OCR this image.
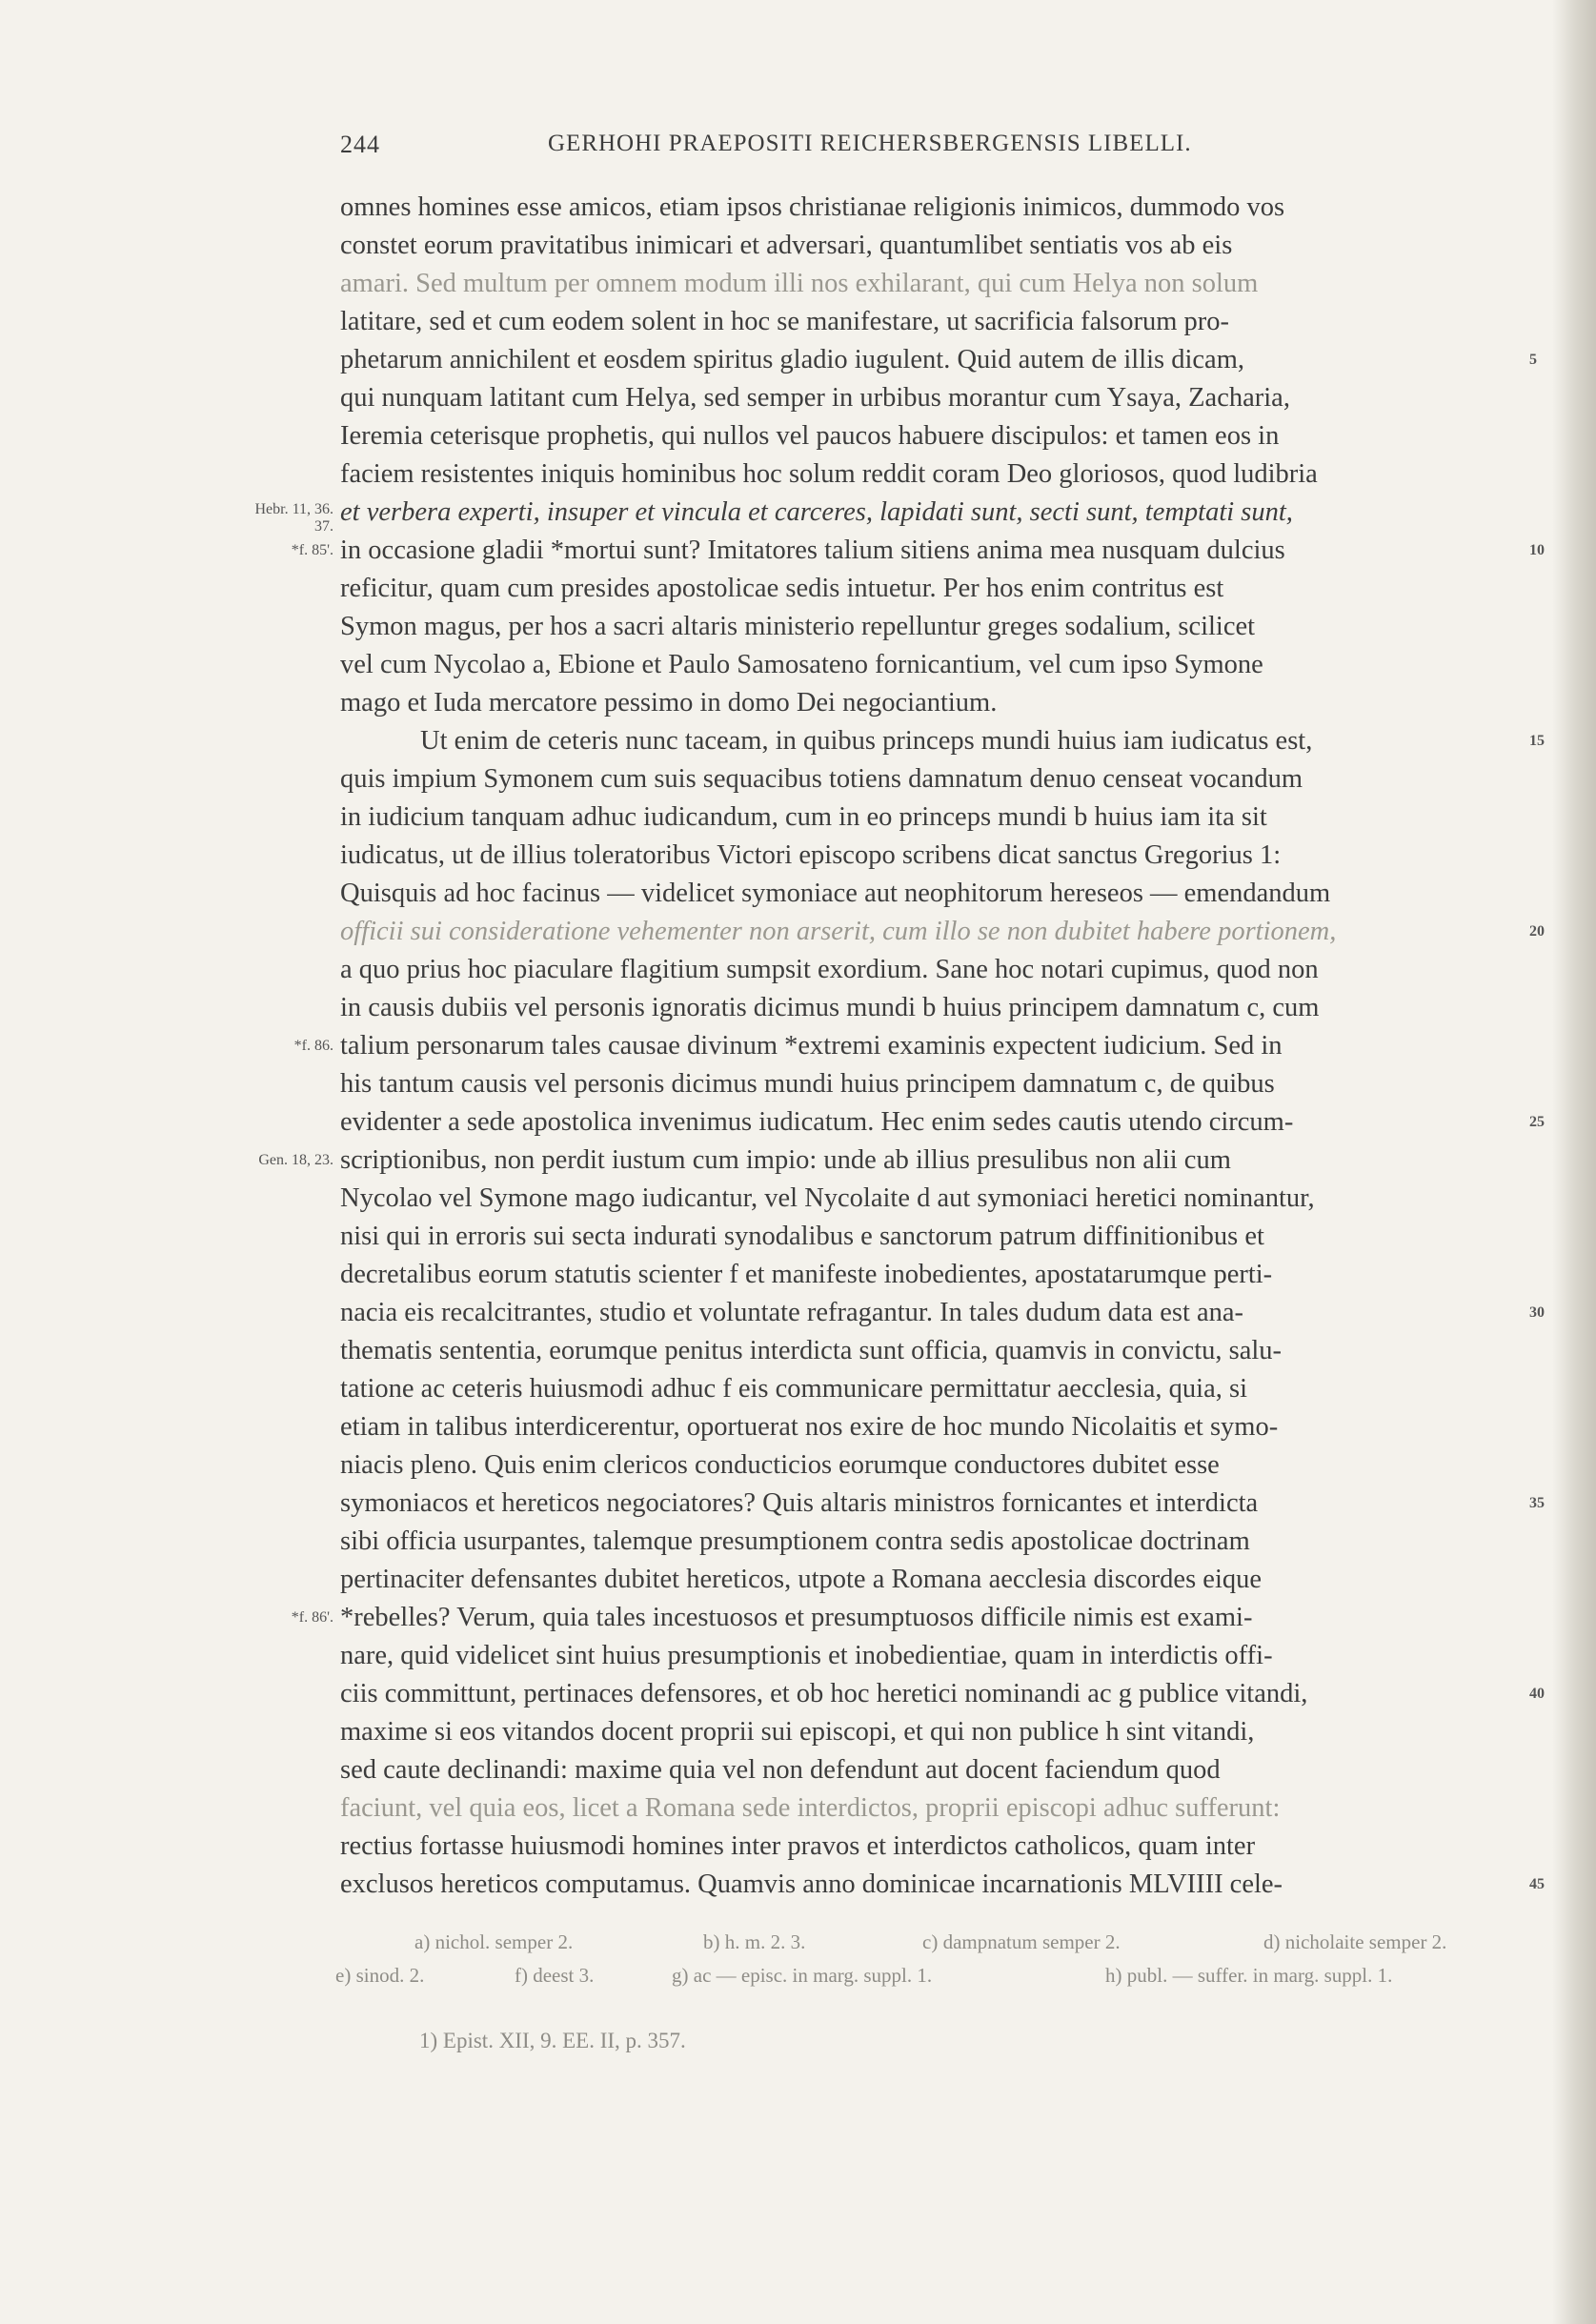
244	GERHOHI PRAEPOSITI REICHERSBERGENSIS LIBELLI.
omnes homines esse amicos, etiam ipsos christianae religionis inimicos, dummodo vos
constet eorum pravitatibus inimicari et adversari, quantumlibet sentiatis vos ab eis
amari. Sed multum per omnem modum illi nos exhilarant, qui cum Helya non solum
latitare, sed et cum eodem solent in hoc se manifestare, ut sacrificia falsorum pro-
phetarum annichilent et eosdem spiritus gladio iugulent. Quid autem de illis dicam,
qui nunquam latitant cum Helya, sed semper in urbibus morantur cum Ysaya, Zacharia,
Ieremia ceterisque prophetis, qui nullos vel paucos habuere discipulos: et tamen eos in
faciem resistentes iniquis hominibus hoc solum reddit coram Deo gloriosos, quod ludibria
et verbera experti, insuper et vincula et carceres, lapidati sunt, secti sunt, temptati sunt,
in occasione gladii *mortui sunt? Imitatores talium sitiens anima mea nusquam dulcius
reficitur, quam cum presides apostolicae sedis intuetur. Per hos enim contritus est
Symon magus, per hos a sacri altaris ministerio repelluntur greges sodalium, scilicet
vel cum Nycolao a, Ebione et Paulo Samosateno fornicantium, vel cum ipso Symone
mago et Iuda mercatore pessimo in domo Dei negociantium.
Ut enim de ceteris nunc taceam, in quibus princeps mundi huius iam iudicatus est,
quis impium Symonem cum suis sequacibus totiens damnatum denuo censeat vocandum
in iudicium tanquam adhuc iudicandum, cum in eo princeps mundi b huius iam ita sit
iudicatus, ut de illius toleratoribus Victori episcopo scribens dicat sanctus Gregorius 1:
Quisquis ad hoc facinus — videlicet symoniace aut neophitorum hereseos — emendandum
officii sui consideratione vehementer non arserit, cum illo se non dubitet habere portionem,
a quo prius hoc piaculare flagitium sumpsit exordium. Sane hoc notari cupimus, quod non
in causis dubiis vel personis ignoratis dicimus mundi b huius principem damnatum c, cum
talium personarum tales causae divinum *extremi examinis expectent iudicium. Sed in
his tantum causis vel personis dicimus mundi huius principem damnatum c, de quibus
evidenter a sede apostolica invenimus iudicatum. Hec enim sedes cautis utendo circum-
scriptionibus, non perdit iustum cum impio: unde ab illius presulibus non alii cum
Nycolao vel Symone mago iudicantur, vel Nycolaite d aut symoniaci heretici nominantur,
nisi qui in erroris sui secta indurati synodalibus e sanctorum patrum diffinitionibus et
decretalibus eorum statutis scienter f et manifeste inobedientes, apostatarumque perti-
nacia eis recalcitrantes, studio et voluntate refragantur. In tales dudum data est ana-
thematis sententia, eorumque penitus interdicta sunt officia, quamvis in convictu, salu-
tatione ac ceteris huiusmodi adhuc f eis communicare permittatur aecclesia, quia, si
etiam in talibus interdicerentur, oportuerat nos exire de hoc mundo Nicolaitis et symo-
niacis pleno. Quis enim clericos conducticios eorumque conductores dubitet esse
symoniacos et hereticos negociatores? Quis altaris ministros fornicantes et interdicta
sibi officia usurpantes, talemque presumptionem contra sedis apostolicae doctrinam
pertinaciter defensantes dubitet hereticos, utpote a Romana aecclesia discordes eique
*rebelles? Verum, quia tales incestuosos et presumptuosos difficile nimis est exami-
nare, quid videlicet sint huius presumptionis et inobedientiae, quam in interdictis offi-
ciis committunt, pertinaces defensores, et ob hoc heretici nominandi ac g publice vitandi,
maxime si eos vitandos docent proprii sui episcopi, et qui non publice h sint vitandi,
sed caute declinandi: maxime quia vel non defendunt aut docent faciendum quod
faciunt, vel quia eos, licet a Romana sede interdictos, proprii episcopi adhuc sufferunt:
rectius fortasse huiusmodi homines inter pravos et interdictos catholicos, quam inter
exclusos hereticos computamus. Quamvis anno dominicae incarnationis MLVIIII cele-
5
10
15
20
25
30
35
40
45
Hebr. 11, 36. 37.
*f. 85'.
*f. 86.
Gen. 18, 23.
*f. 86'.
a) nichol. semper 2.	b) h. m. 2. 3.	c) dampnatum semper 2.	d) nicholaite semper 2.
e) sinod. 2.	f) deest 3.	g) ac — episc. in marg. suppl. 1.	h) publ. — suffer. in marg. suppl. 1.
1) Epist. XII, 9. EE. II, p. 357.
